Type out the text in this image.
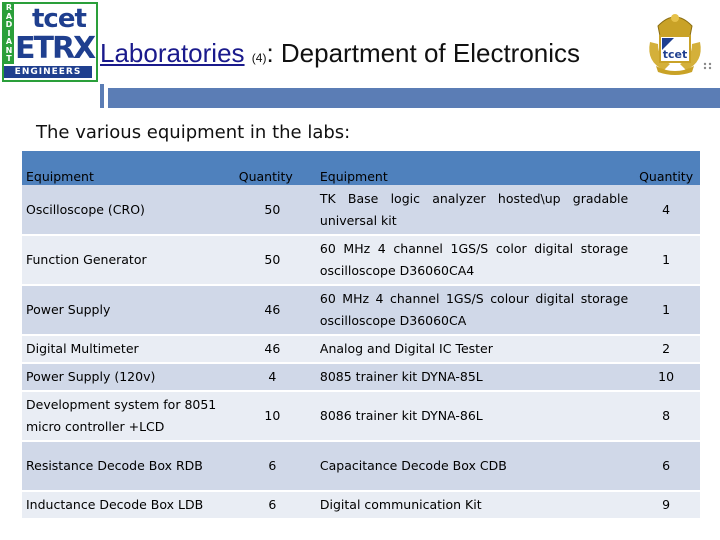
R
A
D
I
A
N
T
tcet
ETRX
ENGINEERS
Laboratories (4): Department of Electronics	tcet
The various equipment in the labs:
Equipment	Quantity	Equipment	Quantity
Oscilloscope (CRO)	50	TK Base logic analyzer hosted\up gradable universal kit	4
Function Generator	50	60 MHz 4 channel 1GS/S color digital storage oscilloscope D36060CA4	1
Power Supply	46	60 MHz 4 channel 1GS/S colour digital storage oscilloscope D36060CA	1
Digital Multimeter	46	Analog and Digital IC Tester	2
Power Supply (120v)	4	8085 trainer kit DYNA-85L	10
Development system for 8051 micro controller +LCD	10	8086 trainer kit DYNA-86L	8
Resistance Decode Box RDB	6	Capacitance Decode Box CDB	6
Inductance Decode Box LDB	6	Digital communication Kit	9
